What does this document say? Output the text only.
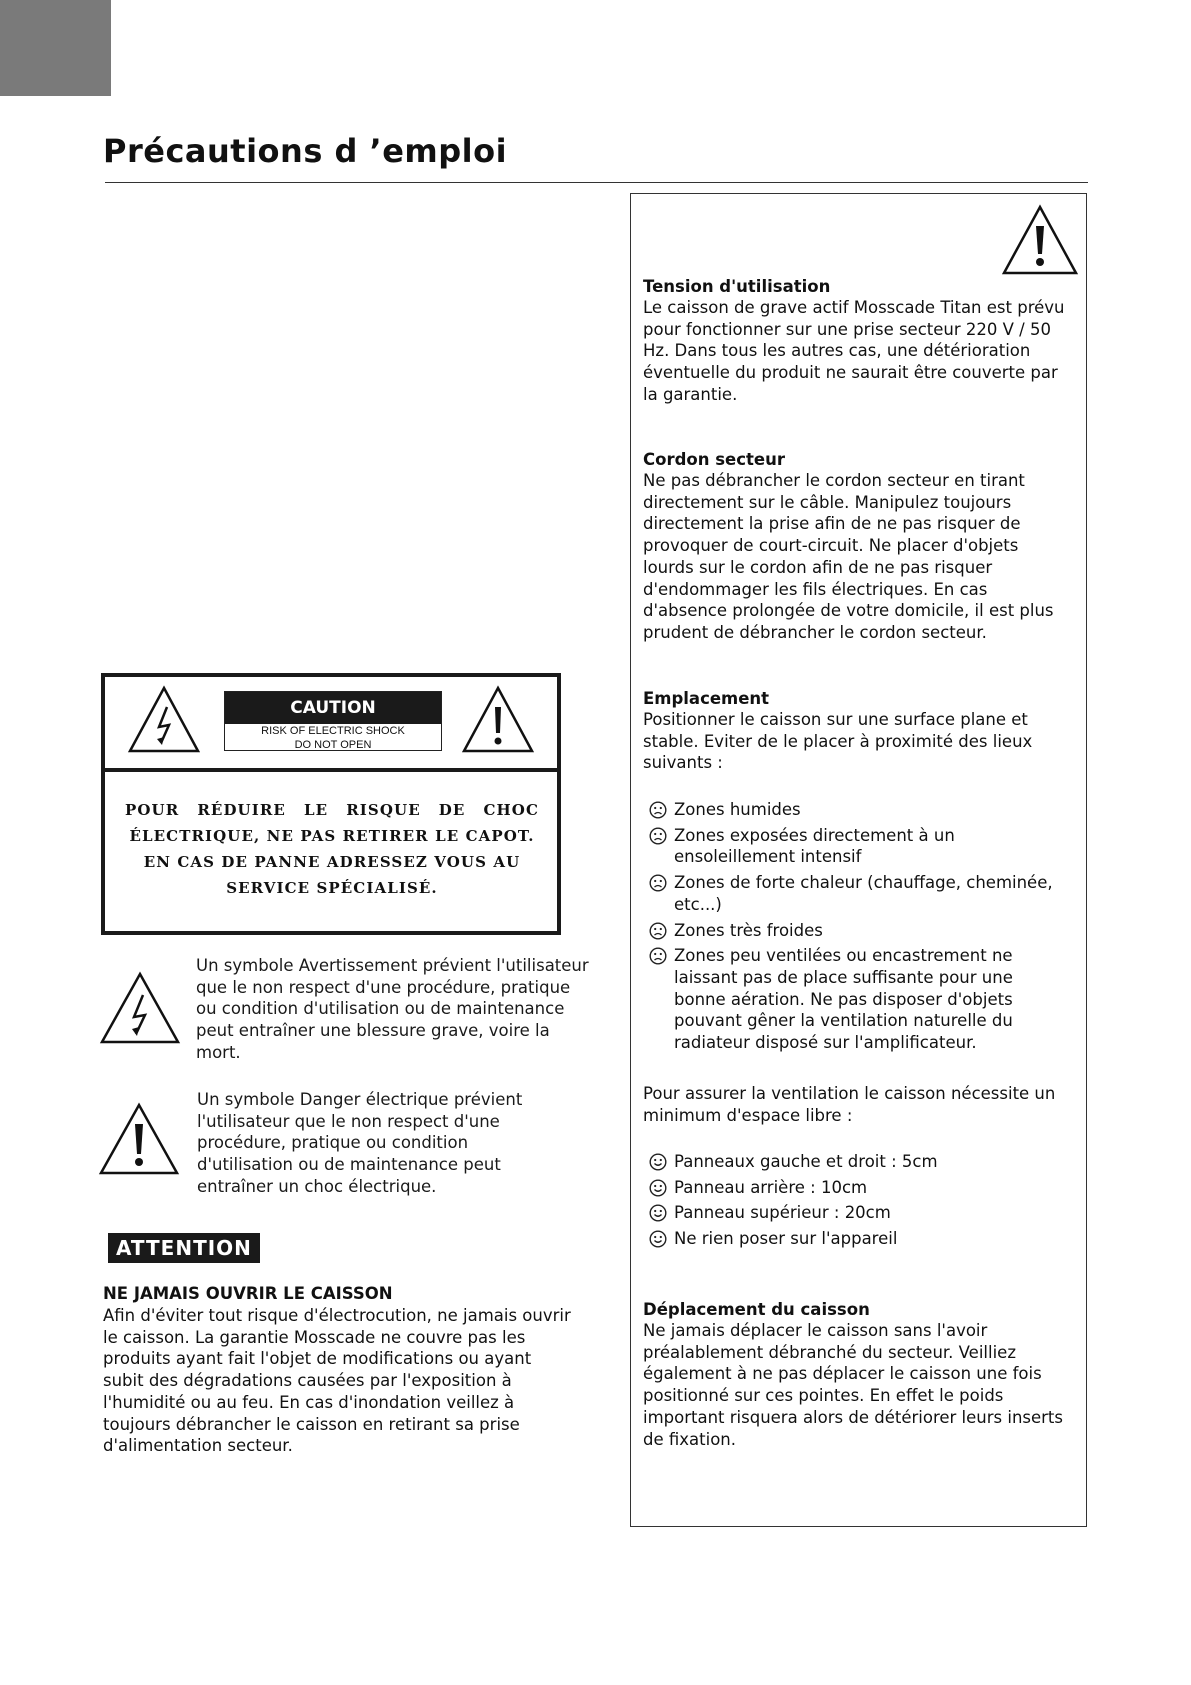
Précautions d ’emploi
CAUTION
RISK OF ELECTRIC SHOCK
DO NOT OPEN
POUR RÉDUIRE LE RISQUE DE CHOC
ÉLECTRIQUE, NE PAS RETIRER LE CAPOT.
EN CAS DE PANNE ADRESSEZ VOUS AU
SERVICE SPÉCIALISÉ.
Un symbole Avertissement prévient l'utilisateur que le non respect d'une procédure, pratique ou condition d'utilisation ou de maintenance peut entraîner une blessure grave, voire la mort.
Un symbole Danger électrique prévient l'utilisateur que le non respect d'une procédure, pratique ou condition d'utilisation ou de maintenance peut entraîner un choc électrique.
ATTENTION
NE JAMAIS OUVRIR LE CAISSON
Afin d'éviter tout risque d'électrocution, ne jamais ouvrir le caisson. La garantie Mosscade ne couvre pas les produits ayant fait l'objet de modifications ou ayant subit des dégradations causées par l'exposition à l'humidité ou au feu. En cas d'inondation veillez à toujours débrancher le caisson en retirant sa prise d'alimentation secteur.
Tension d'utilisation
Le caisson de grave actif Mosscade Titan est prévu pour fonctionner sur une prise secteur 220 V / 50 Hz. Dans tous les autres cas, une détérioration éventuelle du produit ne saurait être couverte par la garantie.
Cordon secteur
Ne pas débrancher le cordon secteur en tirant directement sur le câble. Manipulez toujours directement la prise afin de ne pas risquer de provoquer de court-circuit. Ne placer d'objets lourds sur le cordon afin de ne pas risquer d'endommager les fils électriques. En cas d'absence prolongée de votre domicile, il est plus prudent de débrancher le cordon secteur.
Emplacement
Positionner le caisson sur une surface plane et stable. Eviter de le placer à proximité des lieux suivants :
Zones humides
Zones exposées directement à un ensoleillement intensif
Zones de forte chaleur (chauffage, cheminée, etc...)
Zones très froides
Zones peu ventilées ou encastrement ne laissant pas de place suffisante pour une bonne aération. Ne pas disposer d'objets pouvant gêner la ventilation naturelle du radiateur disposé sur l'amplificateur.
Pour assurer la ventilation le caisson nécessite un minimum d'espace libre :
Panneaux gauche et droit : 5cm
Panneau arrière : 10cm
Panneau supérieur : 20cm
Ne rien poser sur l'appareil
Déplacement du caisson
Ne jamais déplacer le caisson sans l'avoir préalablement débranché du secteur. Veilliez également à ne pas déplacer le caisson une fois positionné sur ces pointes. En effet le poids important risquera alors de détériorer leurs inserts de fixation.
